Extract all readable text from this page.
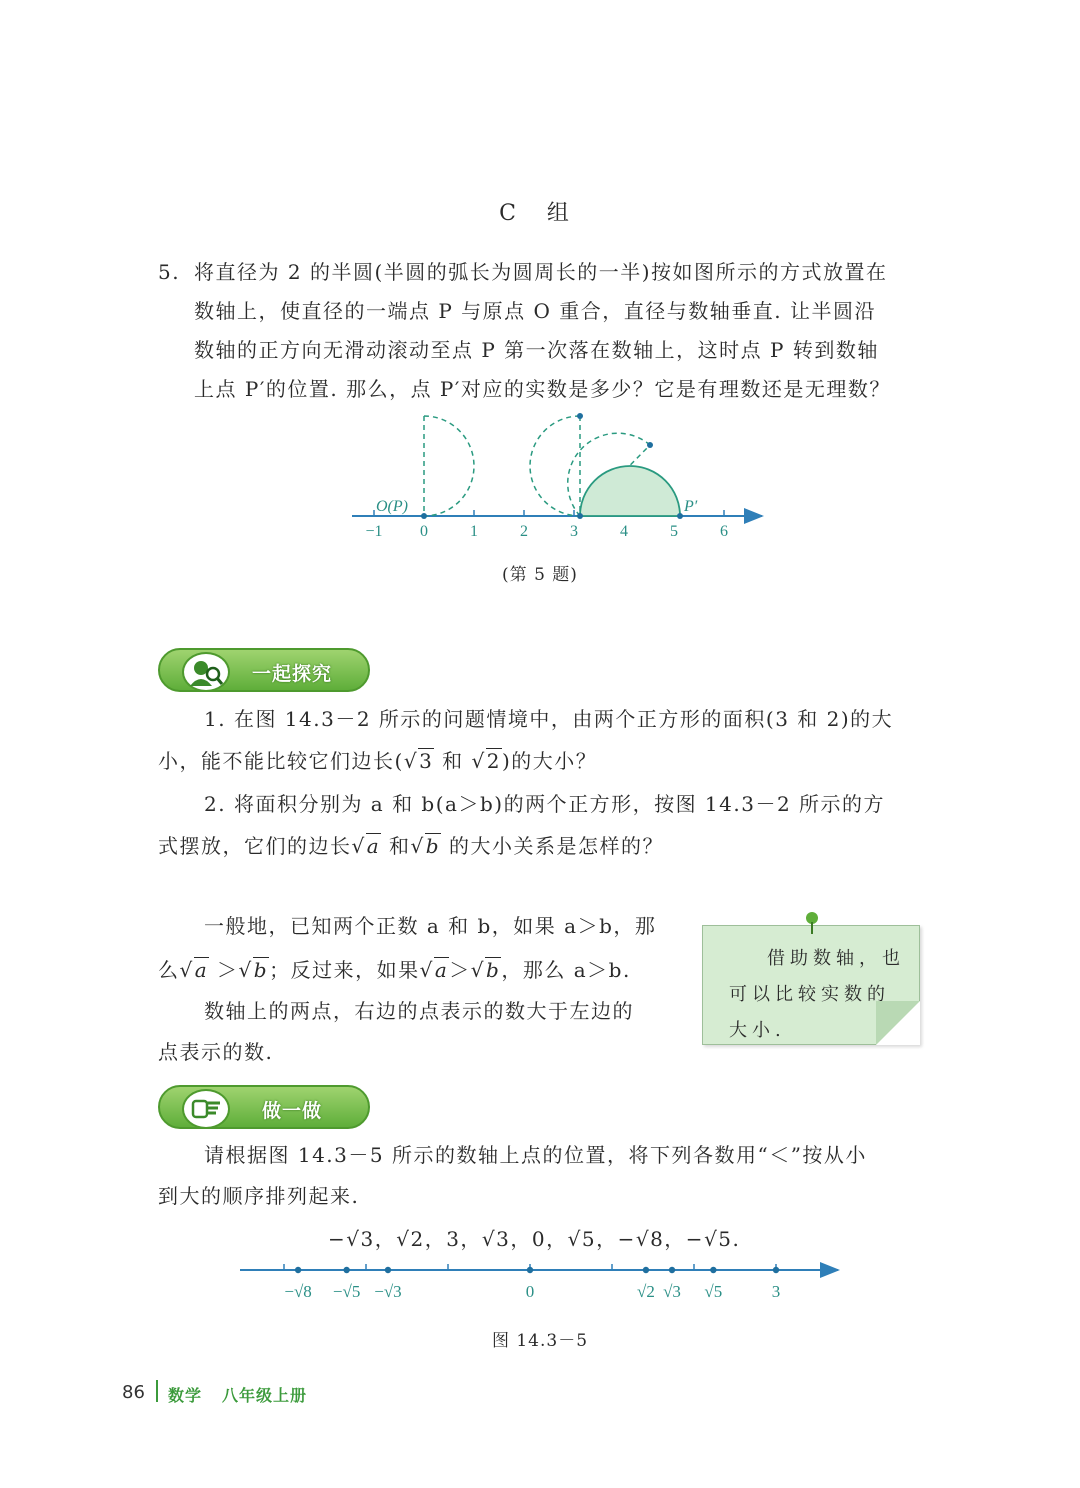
C 组
5. 将直径为 2 的半圆(半圆的弧长为圆周长的一半)按如图所示的方式放置在
数轴上，使直径的一端点 P 与原点 O 重合，直径与数轴垂直. 让半圆沿
数轴的正方向无滑动滚动至点 P 第一次落在数轴上，这时点 P 转到数轴
上点 P′的位置. 那么，点 P′对应的实数是多少？它是有理数还是无理数？
O(P)	P′
−1 0	1	2	3	4	5	6
(第 5 题)
一起探究
1. 在图 14.3－2 所示的问题情境中，由两个正方形的面积(3 和 2)的大
小，能不能比较它们边长(√3 和 √2)的大小？
2. 将面积分别为 a 和 b(a＞b)的两个正方形，按图 14.3－2 所示的方
式摆放，它们的边长√a 和√b 的大小关系是怎样的？
一般地，已知两个正数 a 和 b，如果 a＞b，那
么√a ＞√b；反过来，如果√a＞√b，那么 a＞b.
数轴上的两点，右边的点表示的数大于左边的
点表示的数.
借助数轴，也
可以比较实数的
大小.
做一做
请根据图 14.3－5 所示的数轴上点的位置，将下列各数用“＜”按从小
到大的顺序排列起来.
−√3，√2，3，√3，0，√5，−√8，−√5.
−√8 −√5 −√3	0	√2 √3 √5	3
图 14.3－5
86 数学 八年级上册
